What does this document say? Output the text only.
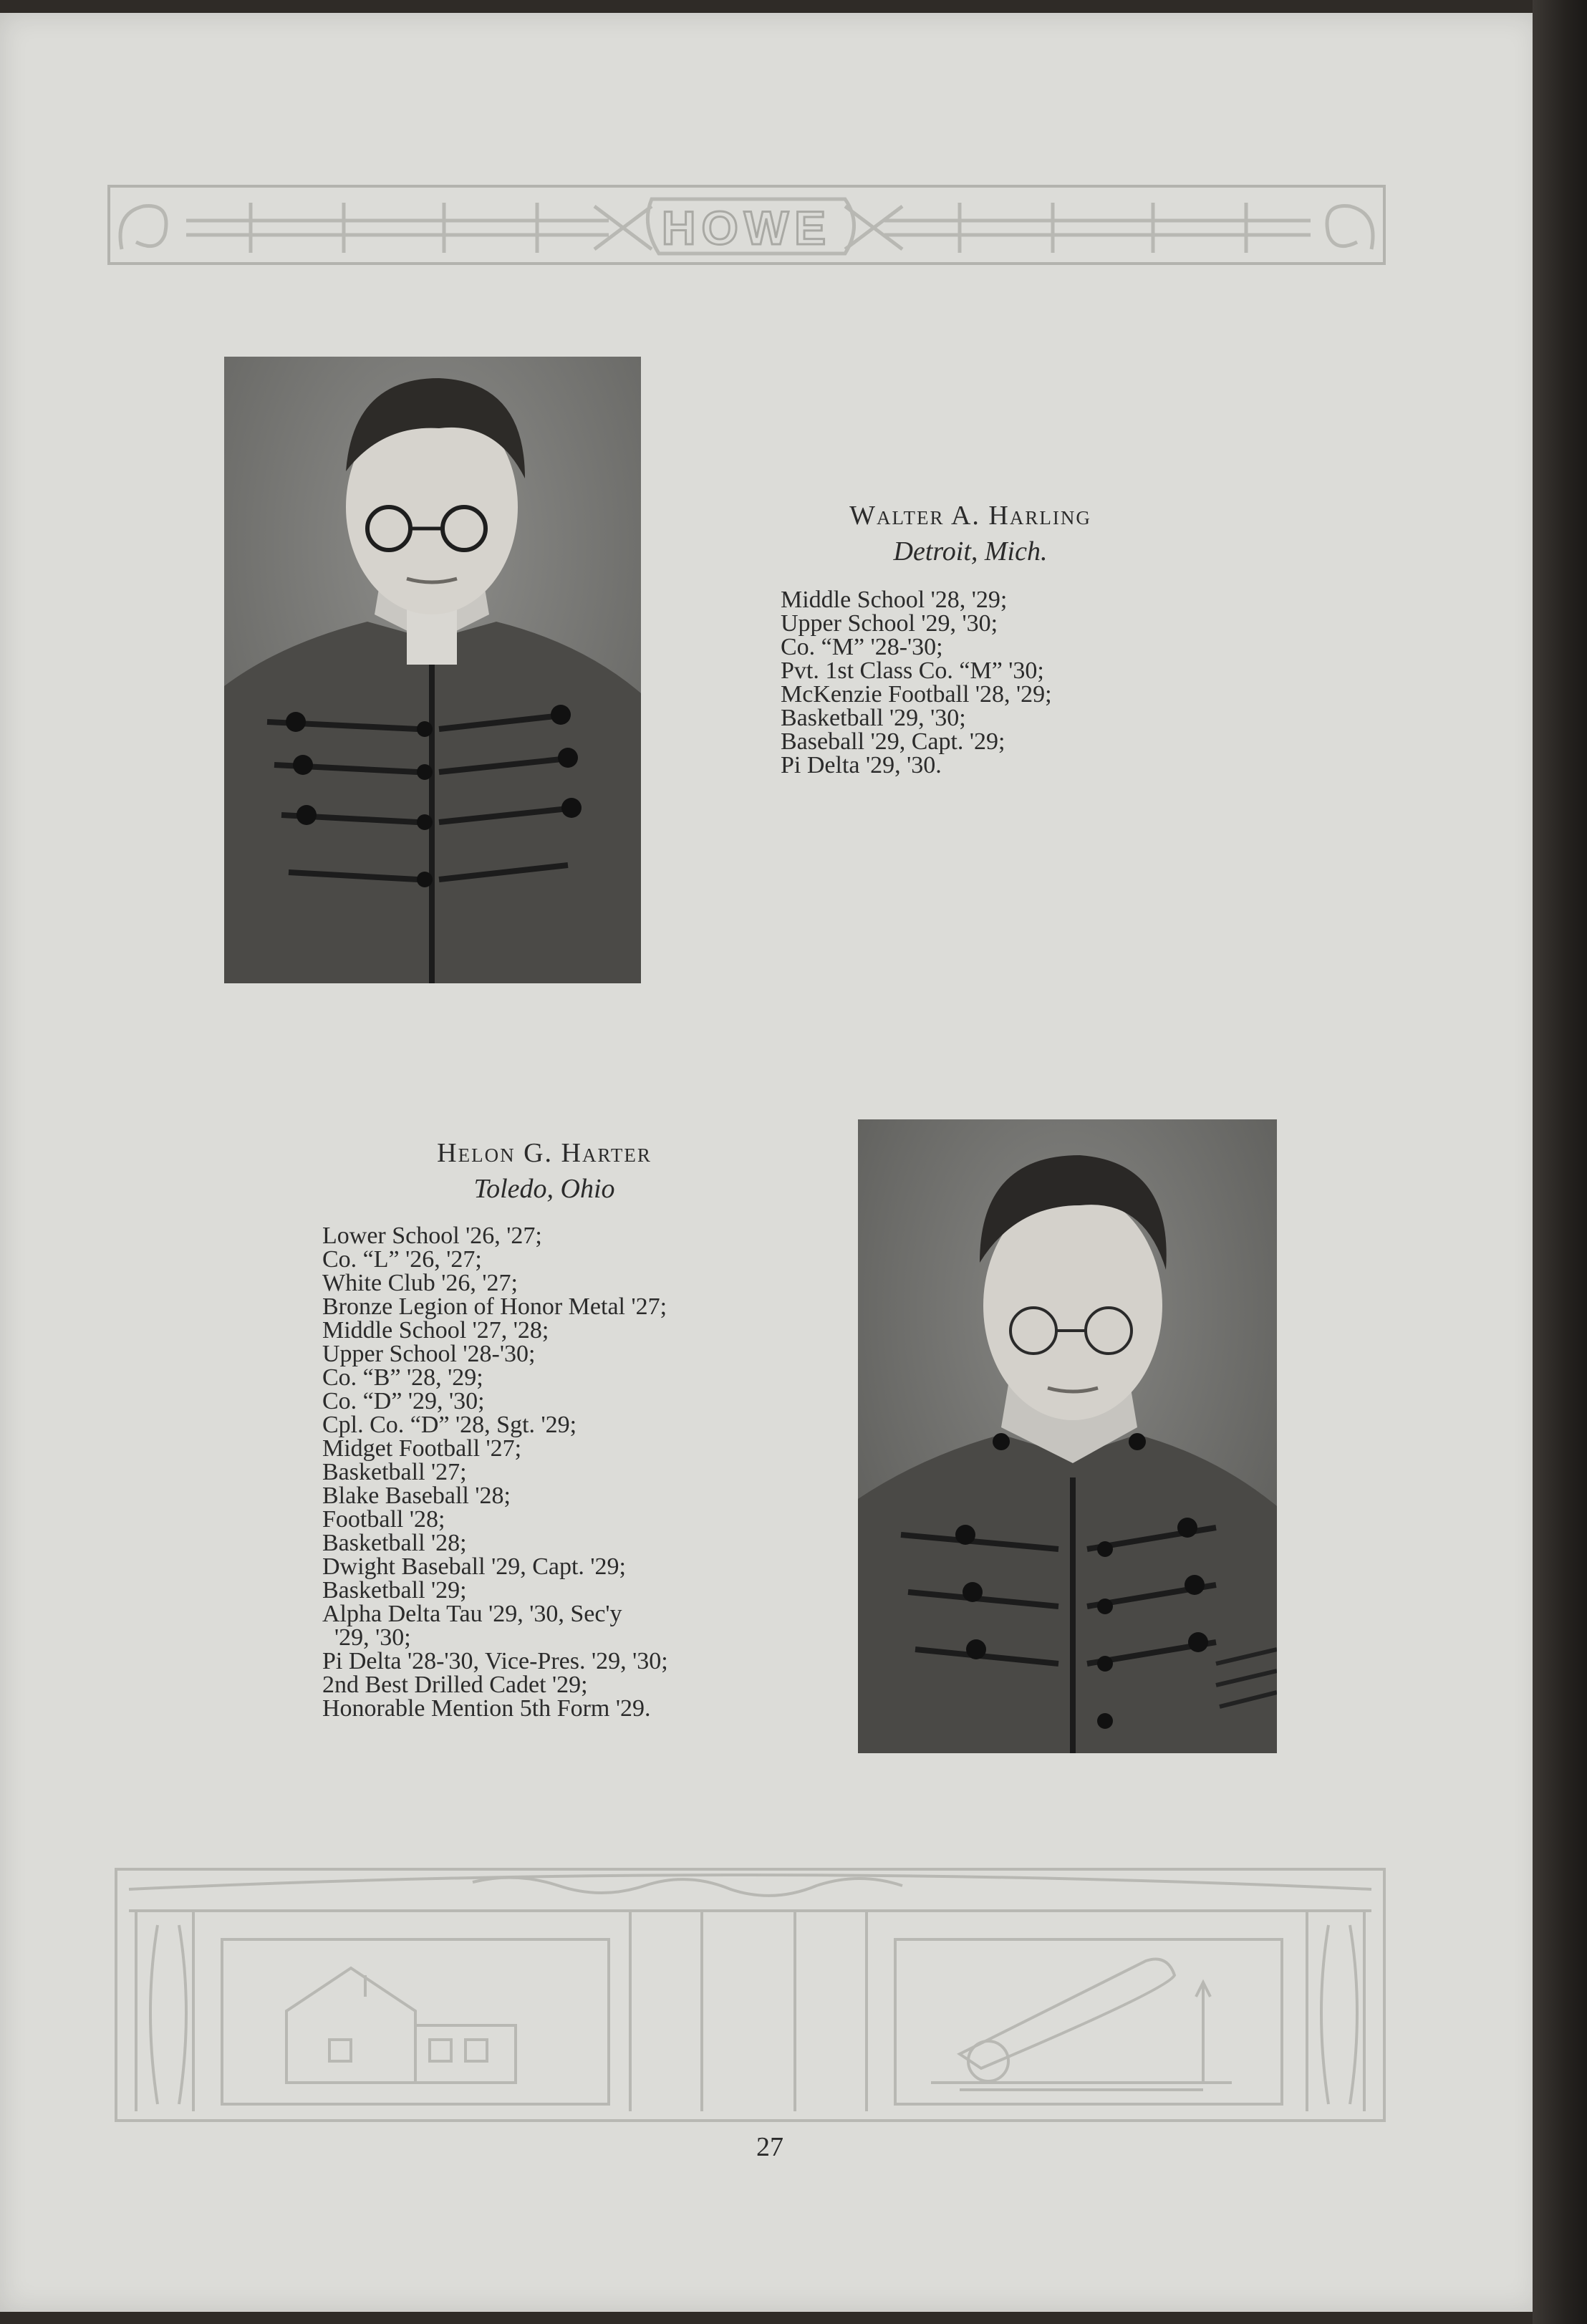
HOWE

Walter A. Harling

Detroit, Mich.

Middle School '28, '29;
Upper School '29, '30;
Co. “M” '28-'30;
Pvt. 1st Class Co. “M” '30;
McKenzie Football '28, '29;
Basketball '29, '30;
Baseball '29, Capt. '29;
Pi Delta '29, '30.

Helon G. Harter

Toledo, Ohio

Lower School '26, '27;
Co. “L” '26, '27;
White Club '26, '27;
Bronze Legion of Honor Metal '27;
Middle School '27, '28;
Upper School '28-'30;
Co. “B” '28, '29;
Co. “D” '29, '30;
Cpl. Co. “D” '28, Sgt. '29;
Midget Football '27;
Basketball '27;
Blake Baseball '28;
Football '28;
Basketball '28;
Dwight Baseball '29, Capt. '29;
Basketball '29;
Alpha Delta Tau '29, '30, Sec'y
'29, '30;
Pi Delta '28-'30, Vice-Pres. '29, '30;
2nd Best Drilled Cadet '29;
Honorable Mention 5th Form '29.
27
